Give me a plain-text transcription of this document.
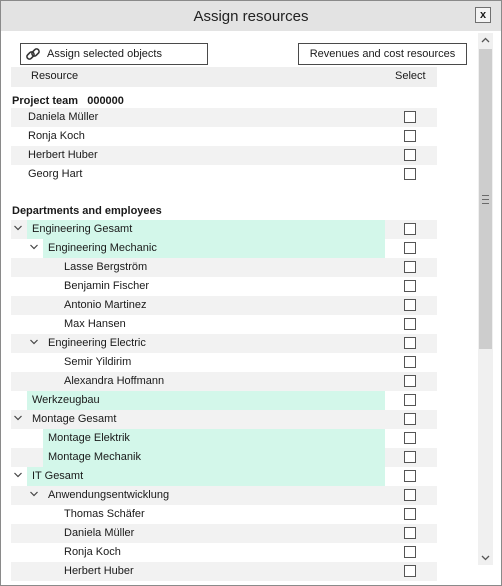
Assign resources	x
Assign selected objects	Revenues and cost resources
Resource	Select
Project team 000000
Daniela Müller
Ronja Koch
Herbert Huber
Georg Hart
Departments and employees
Engineering Gesamt
Engineering Mechanic
Lasse Bergström
Benjamin Fischer
Antonio Martinez
Max Hansen
Engineering Electric
Semir Yildirim
Alexandra Hoffmann
Werkzeugbau
Montage Gesamt
Montage Elektrik
Montage Mechanik
IT Gesamt
Anwendungsentwicklung
Thomas Schäfer
Daniela Müller
Ronja Koch
Herbert Huber
